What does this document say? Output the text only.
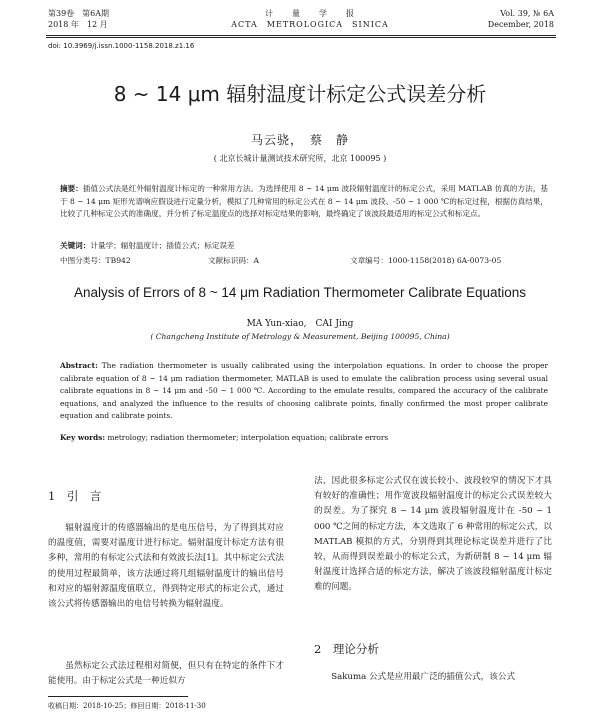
第39卷　第6A期
2018 年　12 月
计　　量　　学　　报
ACTA　METROLOGICA　SINICA
Vol. 39, № 6A
December, 2018
doi: 10.3969/j.issn.1000-1158.2018.z1.16
8 ~ 14 μm 辐射温度计标定公式误差分析
马云骁，　蔡　静
( 北京长城计量测试技术研究所，北京 100095 )
摘要：插值公式法是红外辐射温度计标定的一种常用方法。为选择使用 8 ~ 14 μm 波段辐射温度计的标定公式，采用 MATLAB 仿真的方法，基于 8 ~ 14 μm 矩形光谱响应假设进行定量分析，模拟了几种常用的标定公式在 8 ~ 14 μm 波段、-50 ~ 1 000 ℃的标定过程，根据仿真结果，比较了几种标定公式的准确度，并分析了标定温度点的选择对标定结果的影响，最终确定了该波段最适用的标定公式和标定点。
关键词：计量学；辐射温度计；插值公式；标定误差
中图分类号：TB942	文献标识码：A	文章编号：1000-1158(2018) 6A-0073-05
Analysis of Errors of 8 ~ 14 μm Radiation Thermometer Calibrate Equations
MA Yun-xiao,　CAI Jing
( Changcheng Institute of Metrology & Measurement, Beijing 100095, China)
Abstract: The radiation thermometer is usually calibrated using the interpolation equations. In order to choose the proper calibrate equation of 8 ~ 14 μm radiation thermometer, MATLAB is used to emulate the calibration process using several usual calibrate equations in 8 ~ 14 μm and -50 ~ 1 000 ℃. According to the emulate results, compared the accuracy of the calibrate equations, and analyzed the influence to the results of choosing calibrate points, finally confirmed the most proper calibrate equation and calibrate points.
Key words: metrology; radiation thermometer; interpolation equation; calibrate errors
1　引　言
辐射温度计的传感器输出的是电压信号，为了得到其对应的温度值，需要对温度计进行标定。辐射温度计标定方法有很多种，常用的有标定公式法和有效波长法[1]。其中标定公式法的使用过程最简单，该方法通过将几组辐射温度计的输出信号和对应的辐射源温度值联立，得到特定形式的标定公式，通过该公式将传感器输出的电信号转换为辐射温度。
虽然标定公式法过程相对简便，但只有在特定的条件下才能使用。由于标定公式是一种近似方
法，因此很多标定公式仅在波长较小、波段较窄的情况下才具有较好的准确性；用作宽波段辐射温度计的标定公式误差较大的误差。为了探究 8 ~ 14 μm 波段辐射温度计在 -50 ~ 1 000 ℃之间的标定方法，本文选取了 6 种常用的标定公式，以 MATLAB 模拟的方式，分别得到其理论标定误差并进行了比较，从而得到误差最小的标定公式，为新研制 8 ~ 14 μm 辐射温度计选择合适的标定方法，解决了该波段辐射温度计标定难的问题。
2　理论分析
Sakuma 公式是应用最广泛的插值公式，该公式
收稿日期：2018-10-25；修回日期：2018-11-30
